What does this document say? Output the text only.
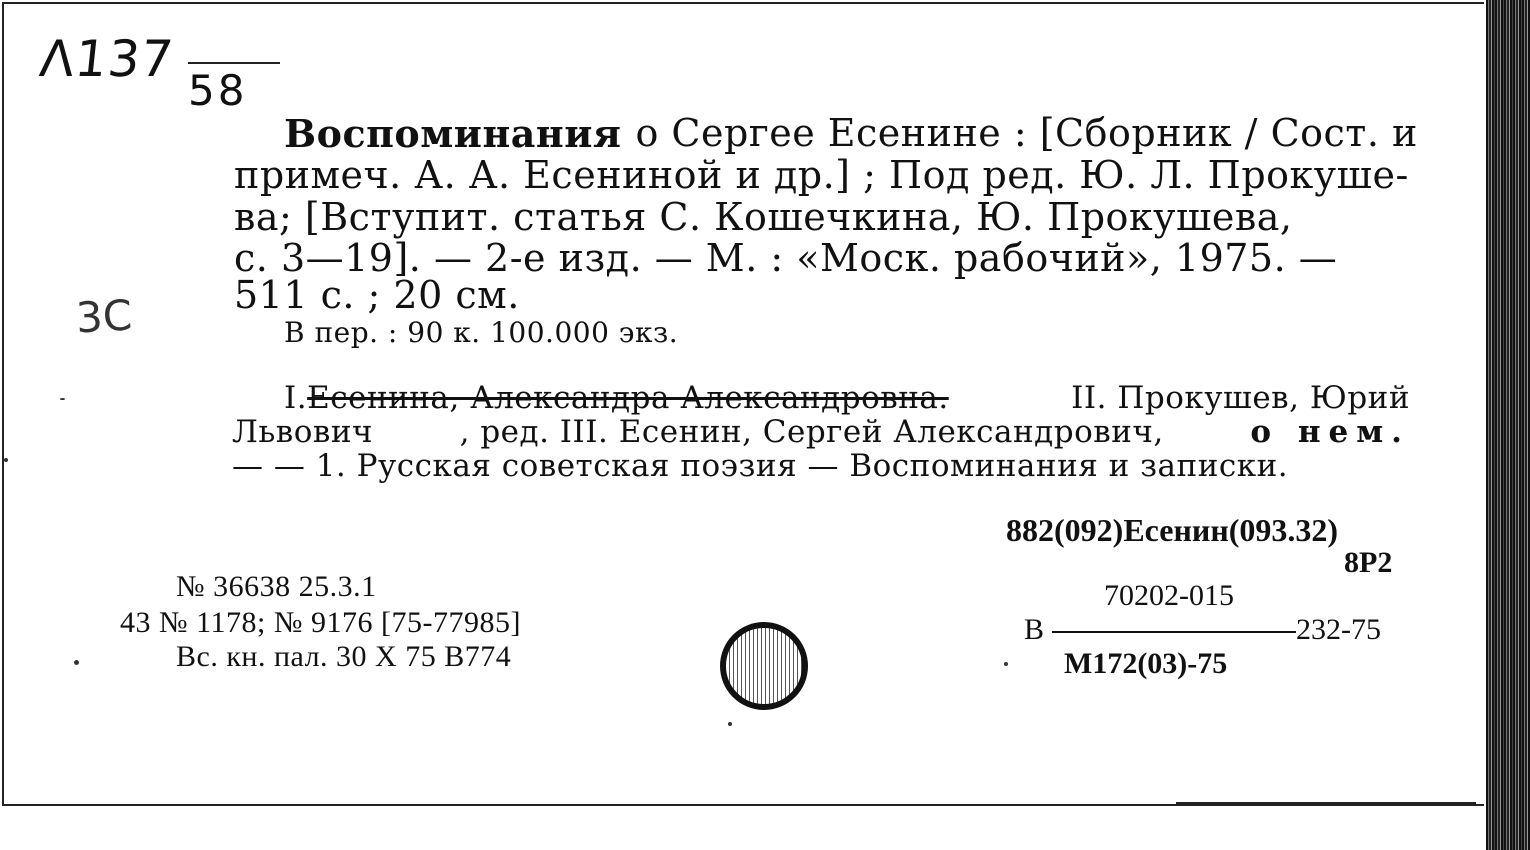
Λ137
58
3С
Воспоминания о Сергее Есенине : [Сборник / Сост. и
примеч. А. А. Есениной и др.] ; Под ред. Ю. Л. Прокуше-
ва; [Вступит. статья С. Кошечкина, Ю. Прокушева,
с. 3—19]. — 2-е изд. — М. : «Моск. рабочий», 1975. —
511 с. ; 20 см.
В пер. : 90 к. 100.000 экз.
I.Есенина, Александра Александровна.	II. Прокушев, Юрий
Львович	, ред. III. Есенин, Сергей Александрович,	о нем.
— — 1. Русская советская поэзия — Воспоминания и записки.
882(092)Есенин(093.32)
8Р2
70202-015
В	232-75
М172(03)-75
№ 36638 25.3.1
43 № 1178; № 9176 [75-77985]
Вс. кн. пал. 30 X 75 В774
